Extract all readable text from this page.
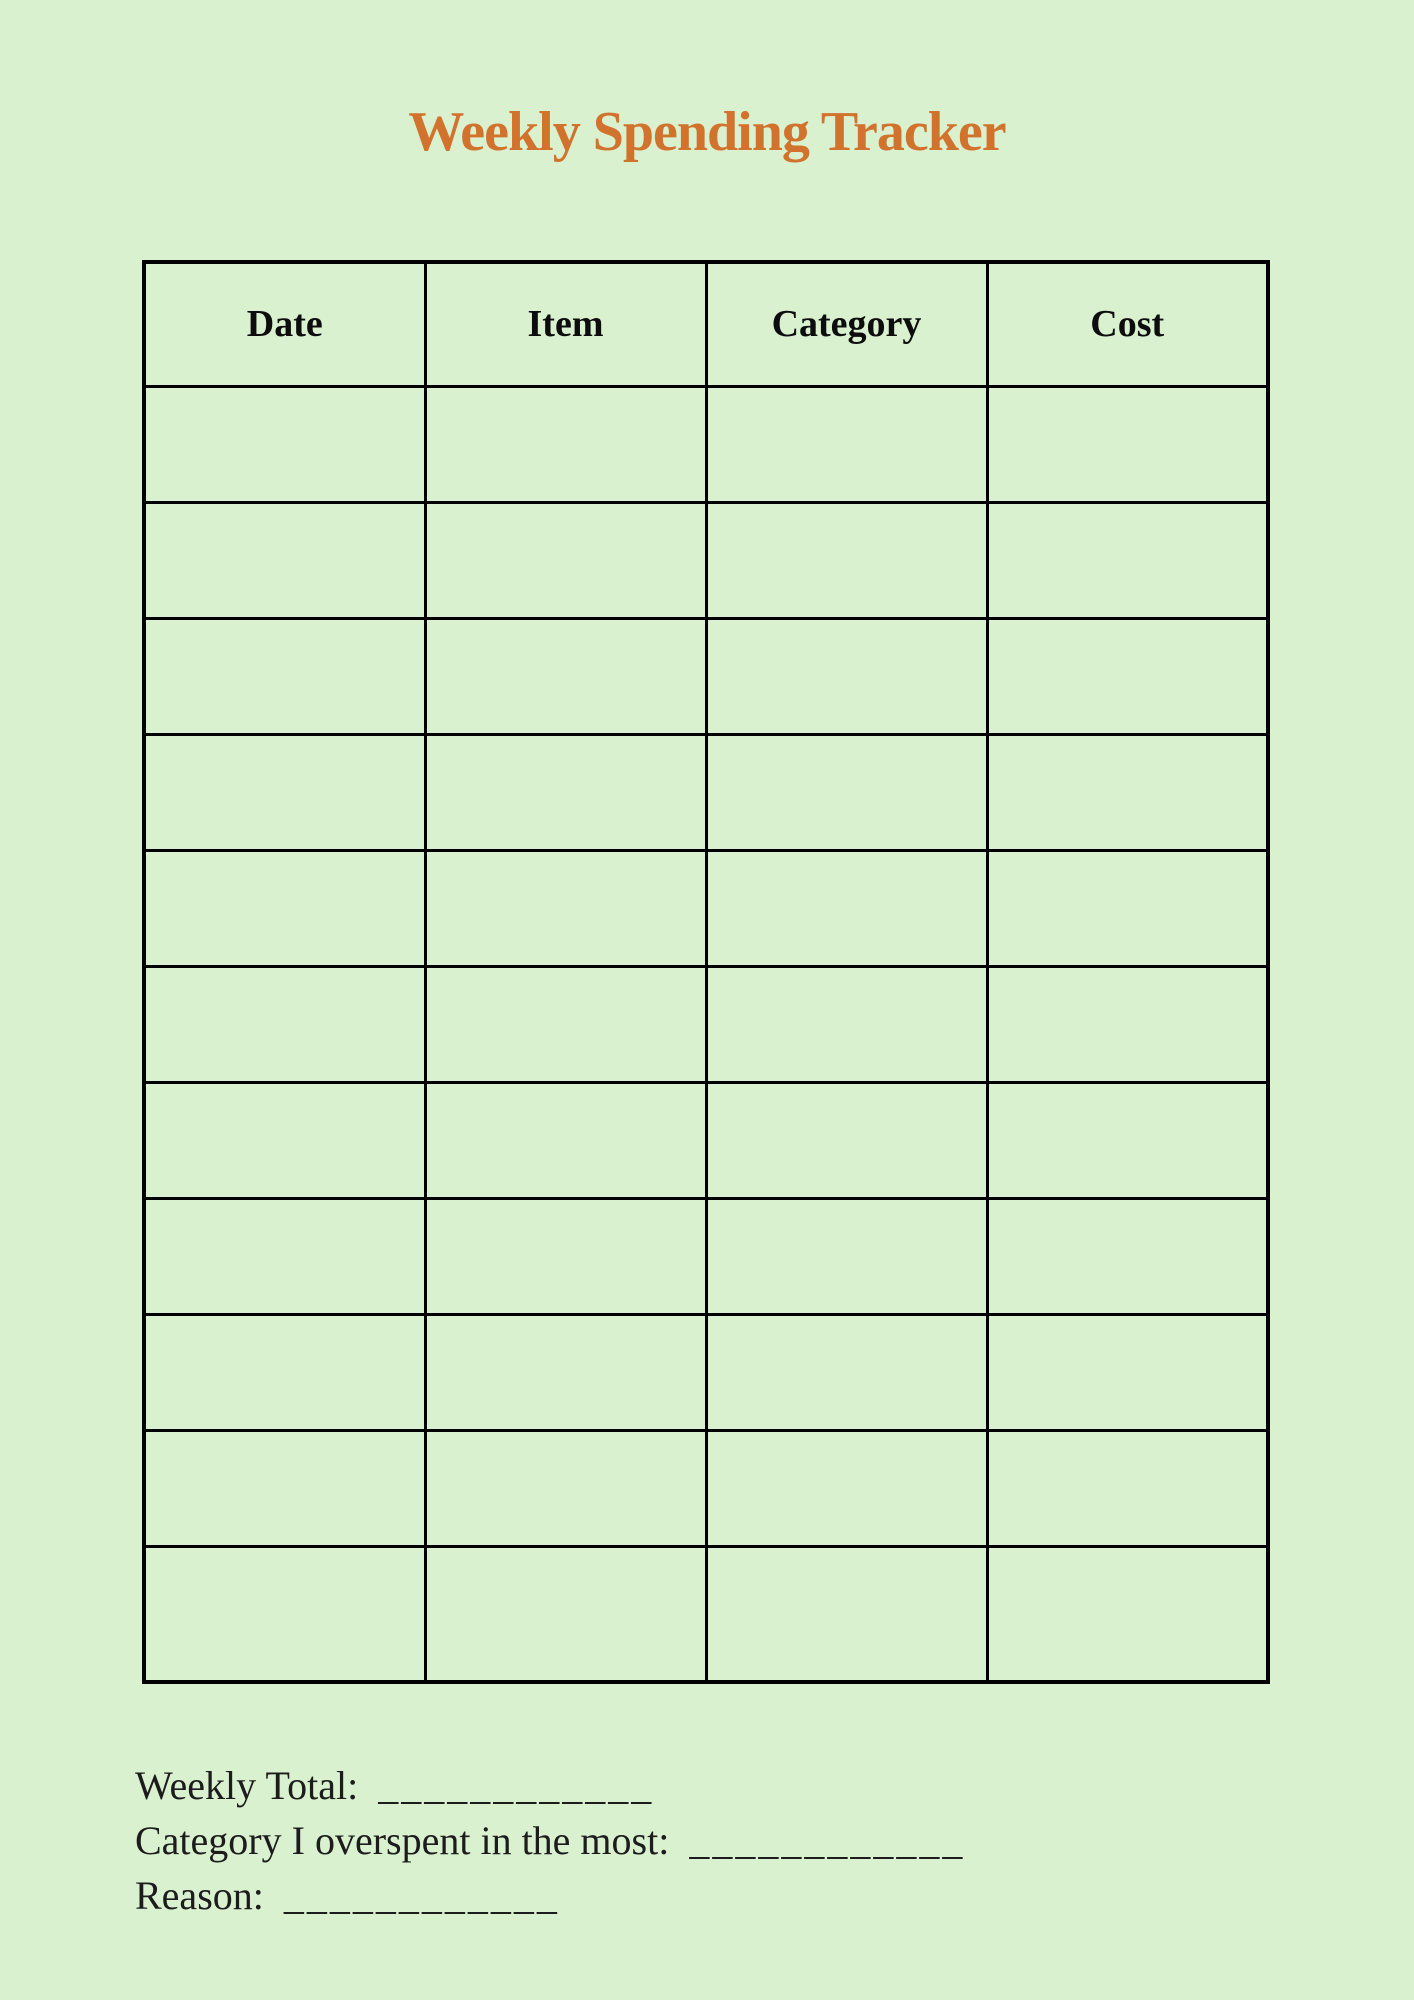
Weekly Spending Tracker
Date	Item	Category	Cost

Weekly Total: ____________
Category I overspent in the most: ____________
Reason: ____________
